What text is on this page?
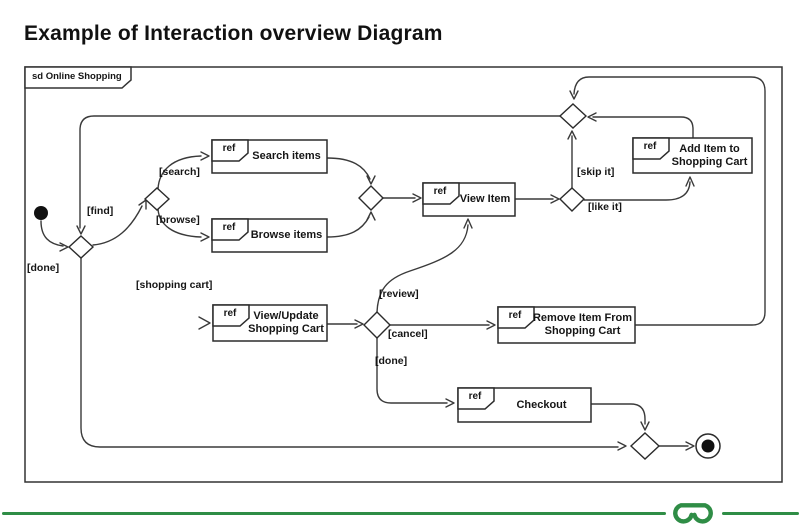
Example of Interaction overview Diagram
sd Online Shopping
ref
ref
ref
ref
ref	ref
ref
Search items
Browse items
View Item
Add Item to Shopping Cart
View/Update Shopping Cart
Remove Item From Shopping Cart
Checkout
[find]
[done]
[search]
[browse]
[shopping cart]
[review]
[cancel]
[done]
[skip it]
[like it]
